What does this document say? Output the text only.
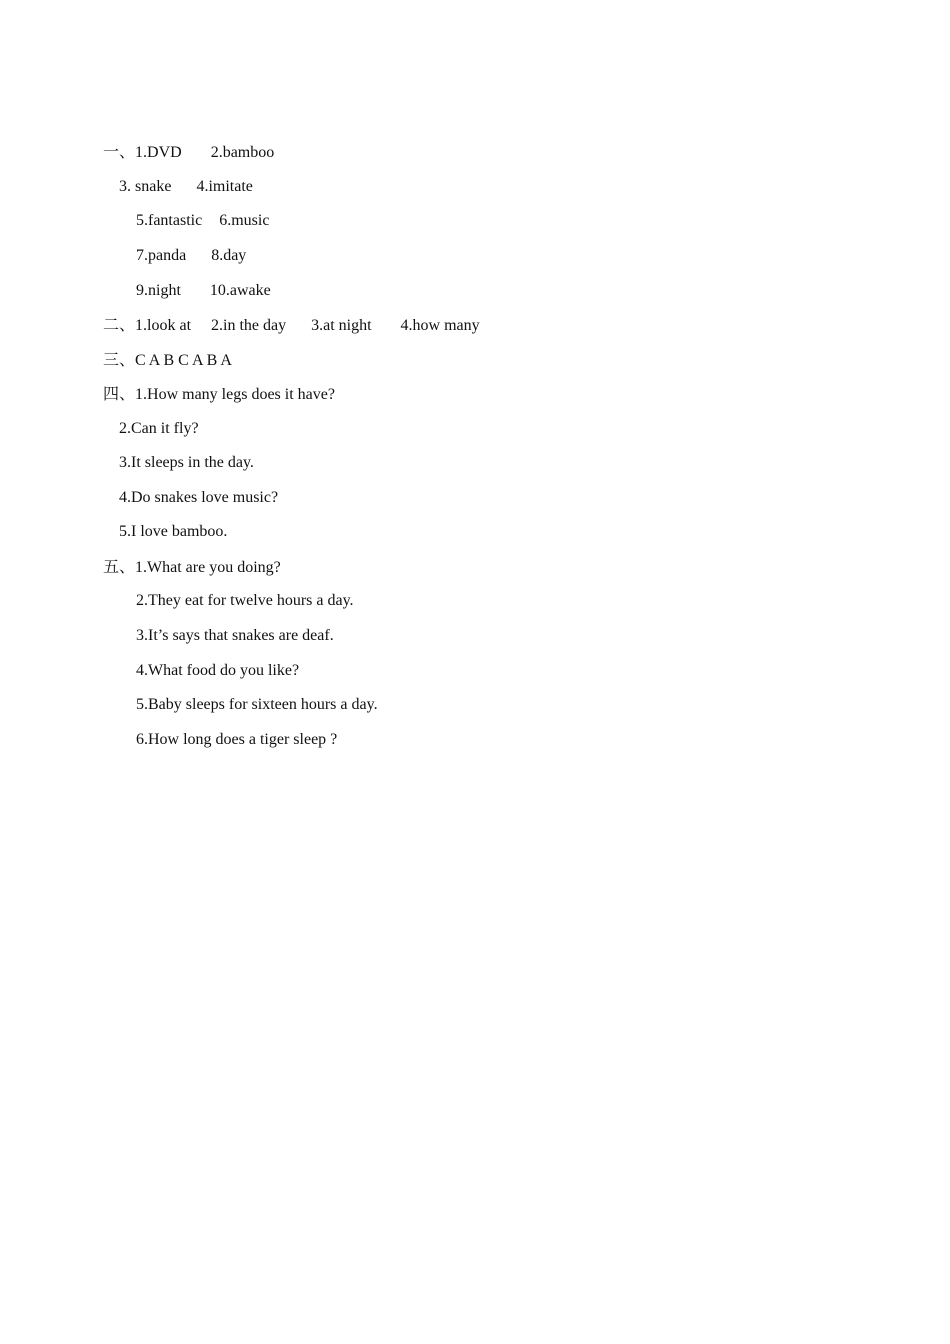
一、1.DVD 2.bamboo

3. snake 4.imitate

5.fantastic 6.music

7.panda 8.day

9.night 10.awake

二、1.look at 2.in the day 3.at night 4.how many

三、C A B C A B A

四、1.How many legs does it have?

2.Can it fly?

3.It sleeps in the day.

4.Do snakes love music?

5.I love bamboo.

五、1.What are you doing?

2.They eat for twelve hours a day.

3.It’s says that snakes are deaf.

4.What food do you like?

5.Baby sleeps for sixteen hours a day.

6.How long does a tiger sleep ?
